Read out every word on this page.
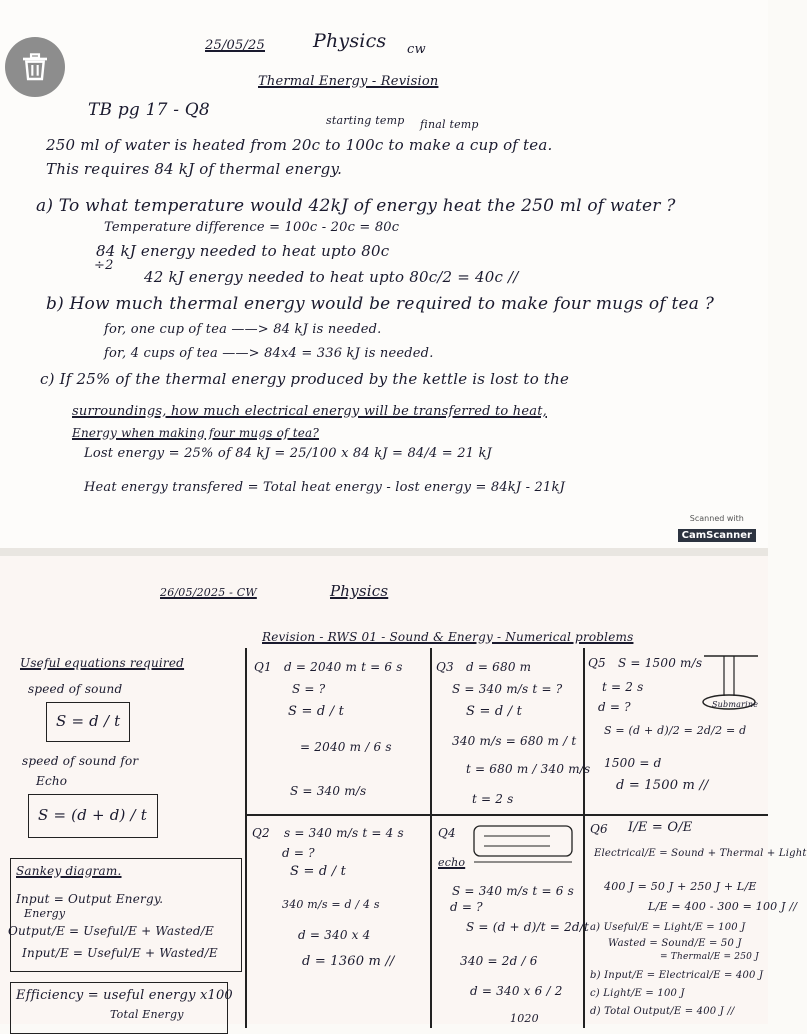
25/05/25	Physics cw
Thermal Energy - Revision
TB pg 17 - Q8
starting temp final temp
250 ml of water is heated from 20c to 100c to make a cup of tea.
This requires 84 kJ of thermal energy.
a) To what temperature would 42kJ of energy heat the 250 ml of water ?
Temperature difference = 100c - 20c = 80c
84 kJ energy needed to heat upto 80c
÷2
42 kJ energy needed to heat upto 80c/2 = 40c //
b) How much thermal energy would be required to make four mugs of tea ?
for, one cup of tea ——> 84 kJ is needed.
for, 4 cups of tea ——> 84x4 = 336 kJ is needed.
c) If 25% of the thermal energy produced by the kettle is lost to the
surroundings, how much electrical energy will be transferred to heat,
Energy when making four mugs of tea?
Lost energy = 25% of 84 kJ = 25/100 x 84 kJ = 84/4 = 21 kJ
Heat energy transfered = Total heat energy - lost energy = 84kJ - 21kJ
Scanned with
CamScanner
26/05/2025 - CW	Physics
Revision - RWS 01 - Sound & Energy - Numerical problems
Useful equations required
speed of sound
S = d / t
speed of sound for
Echo
S = (d + d) / t
Sankey diagram.
Input = Output Energy.
Energy
Output/E = Useful/E + Wasted/E
Input/E = Useful/E + Wasted/E
Efficiency = useful energy x100
Total Energy
Q1 d = 2040 m t = 6 s
S = ?
S = d / t
= 2040 m / 6 s
S = 340 m/s
Q3 d = 680 m
S = 340 m/s t = ?
S = d / t
340 m/s = 680 m / t
t = 680 m / 340 m/s
t = 2 s
Q5 S = 1500 m/s
t = 2 s
d = ?
S = (d + d)/2 = 2d/2 = d
1500 = d
d = 1500 m //
Submarine
Q2 s = 340 m/s t = 4 s
d = ?
S = d / t
340 m/s = d / 4 s
d = 340 x 4
d = 1360 m //
Q4
echo
S = 340 m/s t = 6 s
d = ?
S = (d + d)/t = 2d/t
340 = 2d / 6
d = 340 x 6 / 2
1020
Q6 I/E = O/E
Electrical/E = Sound + Thermal + Light
400 J = 50 J + 250 J + L/E
L/E = 400 - 300 = 100 J //
a) Useful/E = Light/E = 100 J
Wasted = Sound/E = 50 J
= Thermal/E = 250 J
b) Input/E = Electrical/E = 400 J
c) Light/E = 100 J
d) Total Output/E = 400 J //
